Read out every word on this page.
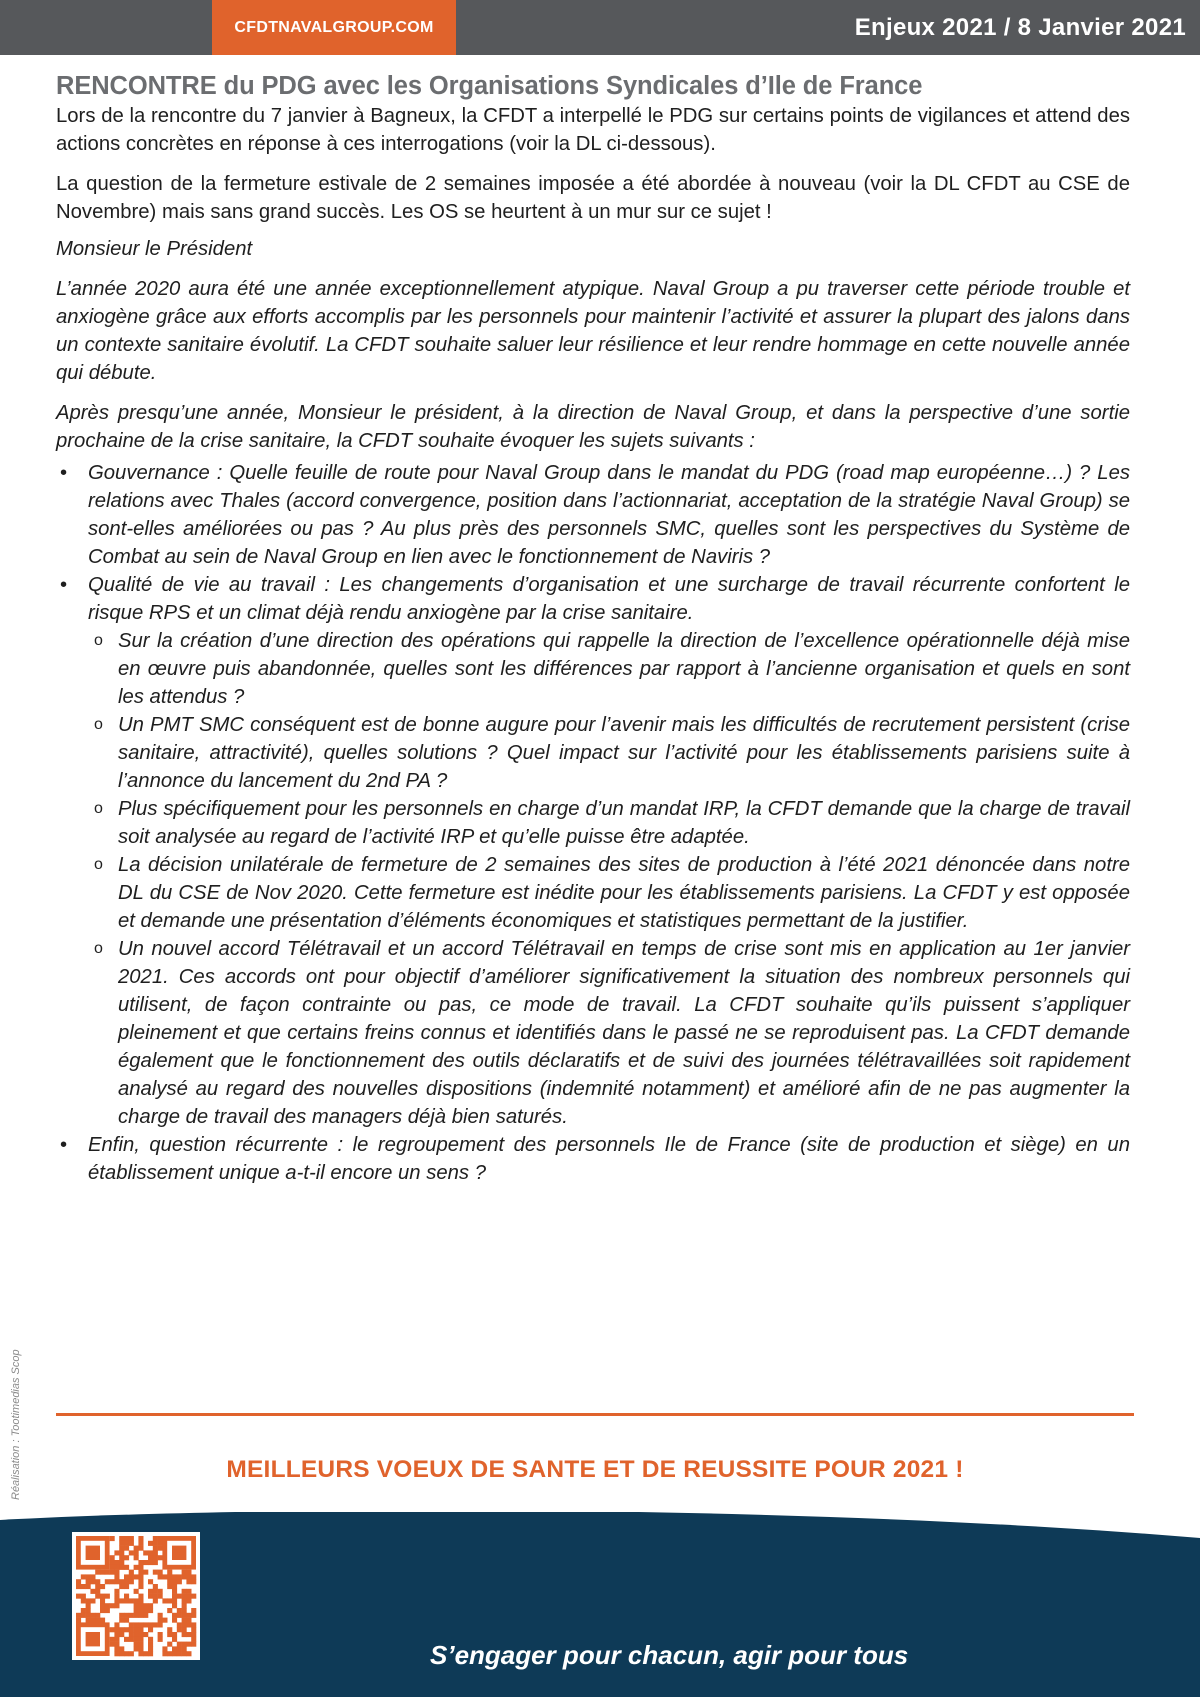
CFDTNAVALGROUP.COM	Enjeux 2021 / 8 Janvier 2021
RENCONTRE du PDG avec les Organisations Syndicales d’Ile de France

Lors de la rencontre du 7 janvier à Bagneux, la CFDT a interpellé le PDG sur certains points de vigilances et attend des actions concrètes en réponse à ces interrogations (voir la DL ci-dessous).

La question de la fermeture estivale de 2 semaines imposée a été abordée à nouveau (voir la DL CFDT au CSE de Novembre) mais sans grand succès. Les OS se heurtent à un mur sur ce sujet !

Monsieur le Président

L’année 2020 aura été une année exceptionnellement atypique. Naval Group a pu traverser cette période trouble et anxiogène grâce aux efforts accomplis par les personnels pour maintenir l’activité et assurer la plupart des jalons dans un contexte sanitaire évolutif. La CFDT souhaite saluer leur résilience et leur rendre hommage en cette nouvelle année qui débute.

Après presqu’une année, Monsieur le président, à la direction de Naval Group, et dans la perspective d’une sortie prochaine de la crise sanitaire, la CFDT souhaite évoquer les sujets suivants :

• Gouvernance : Quelle feuille de route pour Naval Group dans le mandat du PDG (road map européenne…) ? Les relations avec Thales (accord convergence, position dans l’actionnariat, acceptation de la stratégie Naval Group) se sont-elles améliorées ou pas ? Au plus près des personnels SMC, quelles sont les perspectives du Système de Combat au sein de Naval Group en lien avec le fonctionnement de Naviris ?
• Qualité de vie au travail : Les changements d’organisation et une surcharge de travail récurrente confortent le risque RPS et un climat déjà rendu anxiogène par la crise sanitaire.
o Sur la création d’une direction des opérations qui rappelle la direction de l’excellence opérationnelle déjà mise en œuvre puis abandonnée, quelles sont les différences par rapport à l’ancienne organisation et quels en sont les attendus ?
o Un PMT SMC conséquent est de bonne augure pour l’avenir mais les difficultés de recrutement persistent (crise sanitaire, attractivité), quelles solutions ? Quel impact sur l’activité pour les établissements parisiens suite à l’annonce du lancement du 2nd PA ?
o Plus spécifiquement pour les personnels en charge d’un mandat IRP, la CFDT demande que la charge de travail soit analysée au regard de l’activité IRP et qu’elle puisse être adaptée.
o La décision unilatérale de fermeture de 2 semaines des sites de production à l’été 2021 dénoncée dans notre DL du CSE de Nov 2020. Cette fermeture est inédite pour les établissements parisiens. La CFDT y est opposée et demande une présentation d’éléments économiques et statistiques permettant de la justifier.
o Un nouvel accord Télétravail et un accord Télétravail en temps de crise sont mis en application au 1er janvier 2021. Ces accords ont pour objectif d’améliorer significativement la situation des nombreux personnels qui utilisent, de façon contrainte ou pas, ce mode de travail. La CFDT souhaite qu’ils puissent s’appliquer pleinement et que certains freins connus et identifiés dans le passé ne se reproduisent pas. La CFDT demande également que le fonctionnement des outils déclaratifs et de suivi des journées télétravaillées soit rapidement analysé au regard des nouvelles dispositions (indemnité notamment) et amélioré afin de ne pas augmenter la charge de travail des managers déjà bien saturés.
• Enfin, question récurrente : le regroupement des personnels Ile de France (site de production et siège) en un établissement unique a-t-il encore un sens ?
MEILLEURS VOEUX DE SANTE ET DE REUSSITE POUR 2021 !
Réalisation : Tootimedias Scop
S’engager pour chacun, agir pour tous
